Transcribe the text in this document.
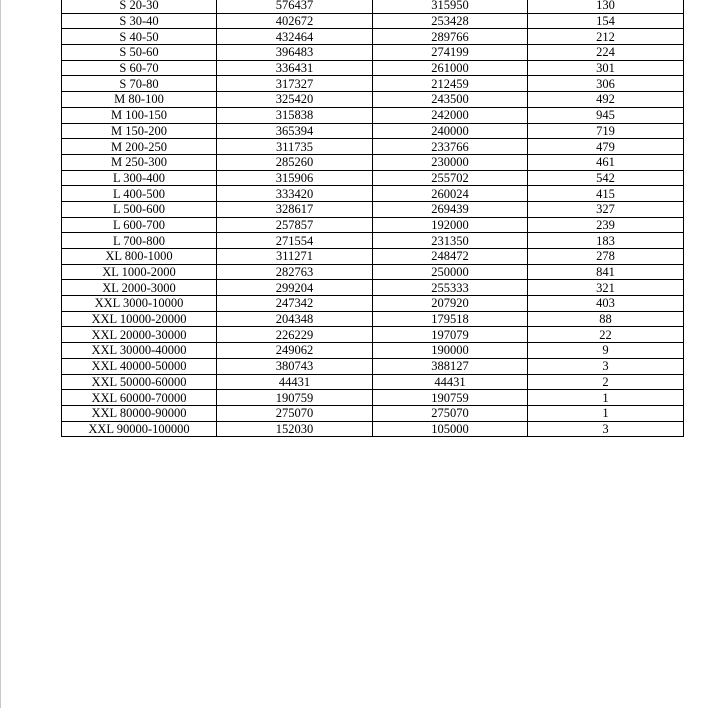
S 20-30	576437	315950	130
S 30-40	402672	253428	154
S 40-50	432464	289766	212
S 50-60	396483	274199	224
S 60-70	336431	261000	301
S 70-80	317327	212459	306
M 80-100	325420	243500	492
M 100-150	315838	242000	945
M 150-200	365394	240000	719
M 200-250	311735	233766	479
M 250-300	285260	230000	461
L 300-400	315906	255702	542
L 400-500	333420	260024	415
L 500-600	328617	269439	327
L 600-700	257857	192000	239
L 700-800	271554	231350	183
XL 800-1000	311271	248472	278
XL 1000-2000	282763	250000	841
XL 2000-3000	299204	255333	321
XXL 3000-10000	247342	207920	403
XXL 10000-20000	204348	179518	88
XXL 20000-30000	226229	197079	22
XXL 30000-40000	249062	190000	9
XXL 40000-50000	380743	388127	3
XXL 50000-60000	44431	44431	2
XXL 60000-70000	190759	190759	1
XXL 80000-90000	275070	275070	1
XXL 90000-100000	152030	105000	3
